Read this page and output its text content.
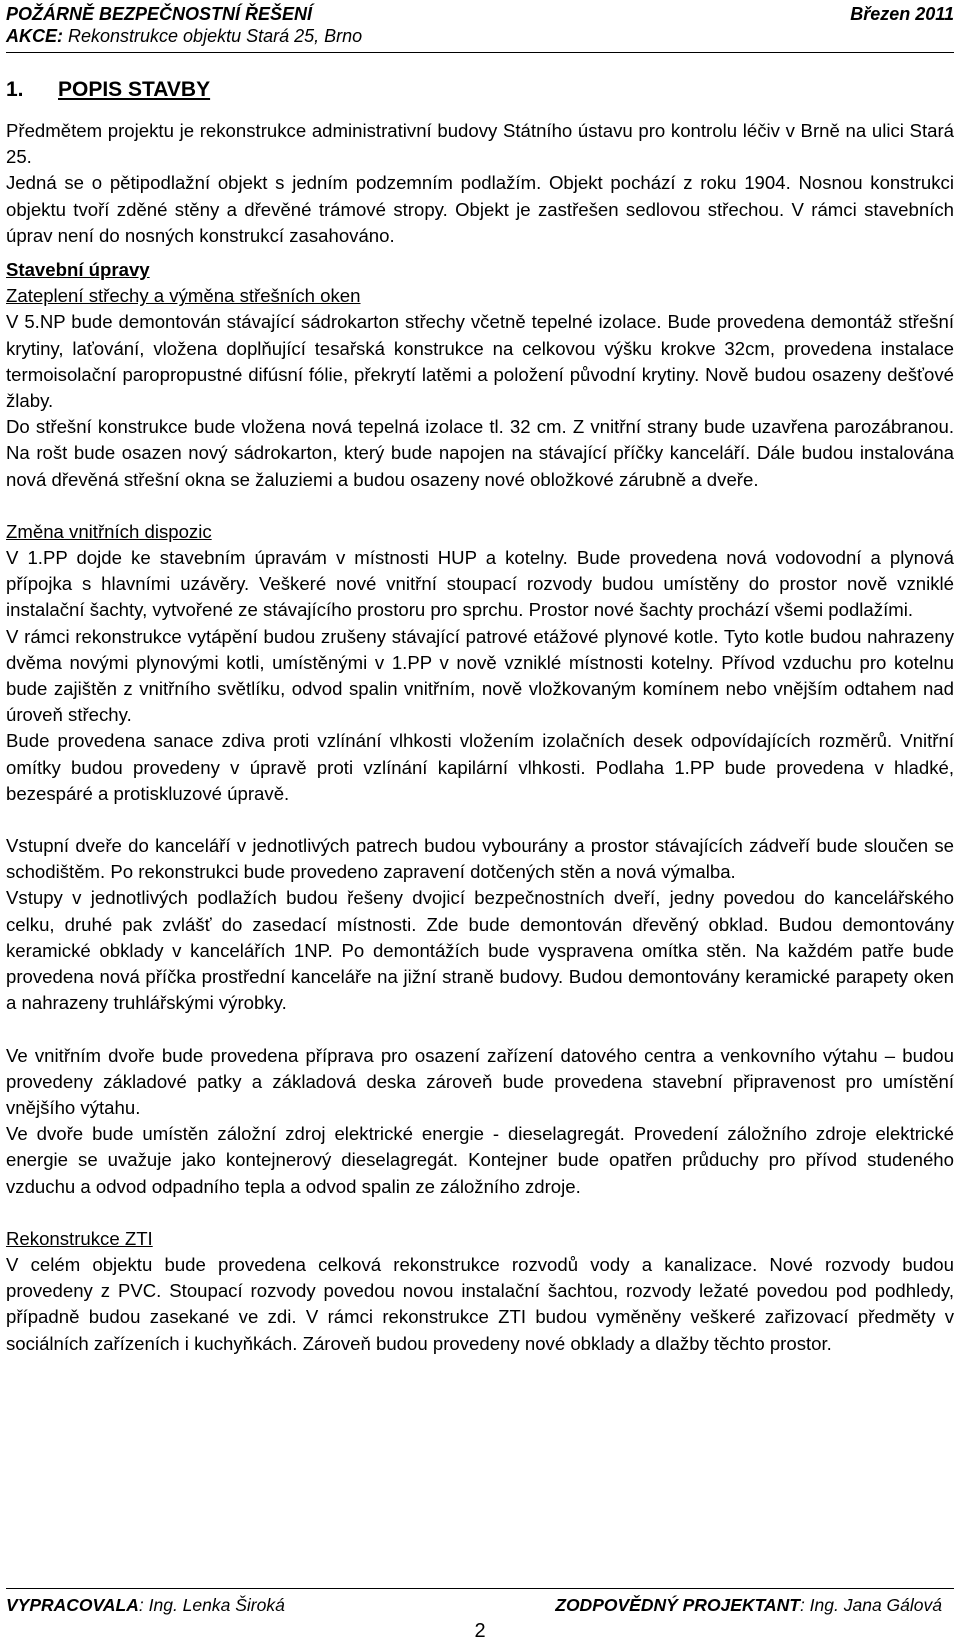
POŽÁRNĚ BEZPEČNOSTNÍ ŘEŠENÍ	Březen 2011
AKCE: Rekonstrukce objektu Stará 25, Brno
1. POPIS STAVBY

Předmětem projektu je rekonstrukce administrativní budovy Státního ústavu pro kontrolu léčiv v Brně na ulici Stará 25.

Jedná se o pětipodlažní objekt s jedním podzemním podlažím. Objekt pochází z roku 1904. Nosnou konstrukci objektu tvoří zděné stěny a dřevěné trámové stropy. Objekt je zastřešen sedlovou střechou. V rámci stavebních úprav není do nosných konstrukcí zasahováno.

Stavební úpravy

Zateplení střechy a výměna střešních oken

V 5.NP bude demontován stávající sádrokarton střechy včetně tepelné izolace. Bude provedena demontáž střešní krytiny, laťování, vložena doplňující tesařská konstrukce na celkovou výšku krokve 32cm, provedena instalace termoisolační paropropustné difúsní fólie, překrytí latěmi a položení původní krytiny. Nově budou osazeny dešťové žlaby.

Do střešní konstrukce bude vložena nová tepelná izolace tl. 32 cm. Z vnitřní strany bude uzavřena parozábranou. Na rošt bude osazen nový sádrokarton, který bude napojen na stávající příčky kanceláří. Dále budou instalována nová dřevěná střešní okna se žaluziemi a budou osazeny nové obložkové zárubně a dveře.

Změna vnitřních dispozic

V 1.PP dojde ke stavebním úpravám v místnosti HUP a kotelny. Bude provedena nová vodovodní a plynová přípojka s hlavními uzávěry. Veškeré nové vnitřní stoupací rozvody budou umístěny do prostor nově vzniklé instalační šachty, vytvořené ze stávajícího prostoru pro sprchu. Prostor nové šachty prochází všemi podlažími.

V rámci rekonstrukce vytápění budou zrušeny stávající patrové etážové plynové kotle. Tyto kotle budou nahrazeny dvěma novými plynovými kotli, umístěnými v 1.PP v nově vzniklé místnosti kotelny. Přívod vzduchu pro kotelnu bude zajištěn z vnitřního světlíku, odvod spalin vnitřním, nově vložkovaným komínem nebo vnějším odtahem nad úroveň střechy.

Bude provedena sanace zdiva proti vzlínání vlhkosti vložením izolačních desek odpovídajících rozměrů. Vnitřní omítky budou provedeny v úpravě proti vzlínání kapilární vlhkosti. Podlaha 1.PP bude provedena v hladké, bezespáré a protiskluzové úpravě.

Vstupní dveře do kanceláří v jednotlivých patrech budou vybourány a prostor stávajících zádveří bude sloučen se schodištěm. Po rekonstrukci bude provedeno zapravení dotčených stěn a nová výmalba.

Vstupy v jednotlivých podlažích budou řešeny dvojicí bezpečnostních dveří, jedny povedou do kancelářského celku, druhé pak zvlášť do zasedací místnosti. Zde bude demontován dřevěný obklad. Budou demontovány keramické obklady v kancelářích 1NP. Po demontážích bude vyspravena omítka stěn. Na každém patře bude provedena nová příčka prostřední kanceláře na jižní straně budovy. Budou demontovány keramické parapety oken a nahrazeny truhlářskými výrobky.

Ve vnitřním dvoře bude provedena příprava pro osazení zařízení datového centra a venkovního výtahu – budou provedeny základové patky a základová deska zároveň bude provedena stavební připravenost pro umístění vnějšího výtahu.

Ve dvoře bude umístěn záložní zdroj elektrické energie - dieselagregát. Provedení záložního zdroje elektrické energie se uvažuje jako kontejnerový dieselagregát. Kontejner bude opatřen průduchy pro přívod studeného vzduchu a odvod odpadního tepla a odvod spalin ze záložního zdroje.

Rekonstrukce ZTI

V celém objektu bude provedena celková rekonstrukce rozvodů vody a kanalizace. Nové rozvody budou provedeny z PVC. Stoupací rozvody povedou novou instalační šachtou, rozvody ležaté povedou pod podhledy, případně budou zasekané ve zdi. V rámci rekonstrukce ZTI budou vyměněny veškeré zařizovací předměty v sociálních zařízeních i kuchyňkách. Zároveň budou provedeny nové obklady a dlažby těchto prostor.

VYPRACOVALA: Ing. Lenka Široká	ZODPOVĚDNÝ PROJEKTANT: Ing. Jana Gálová
2
